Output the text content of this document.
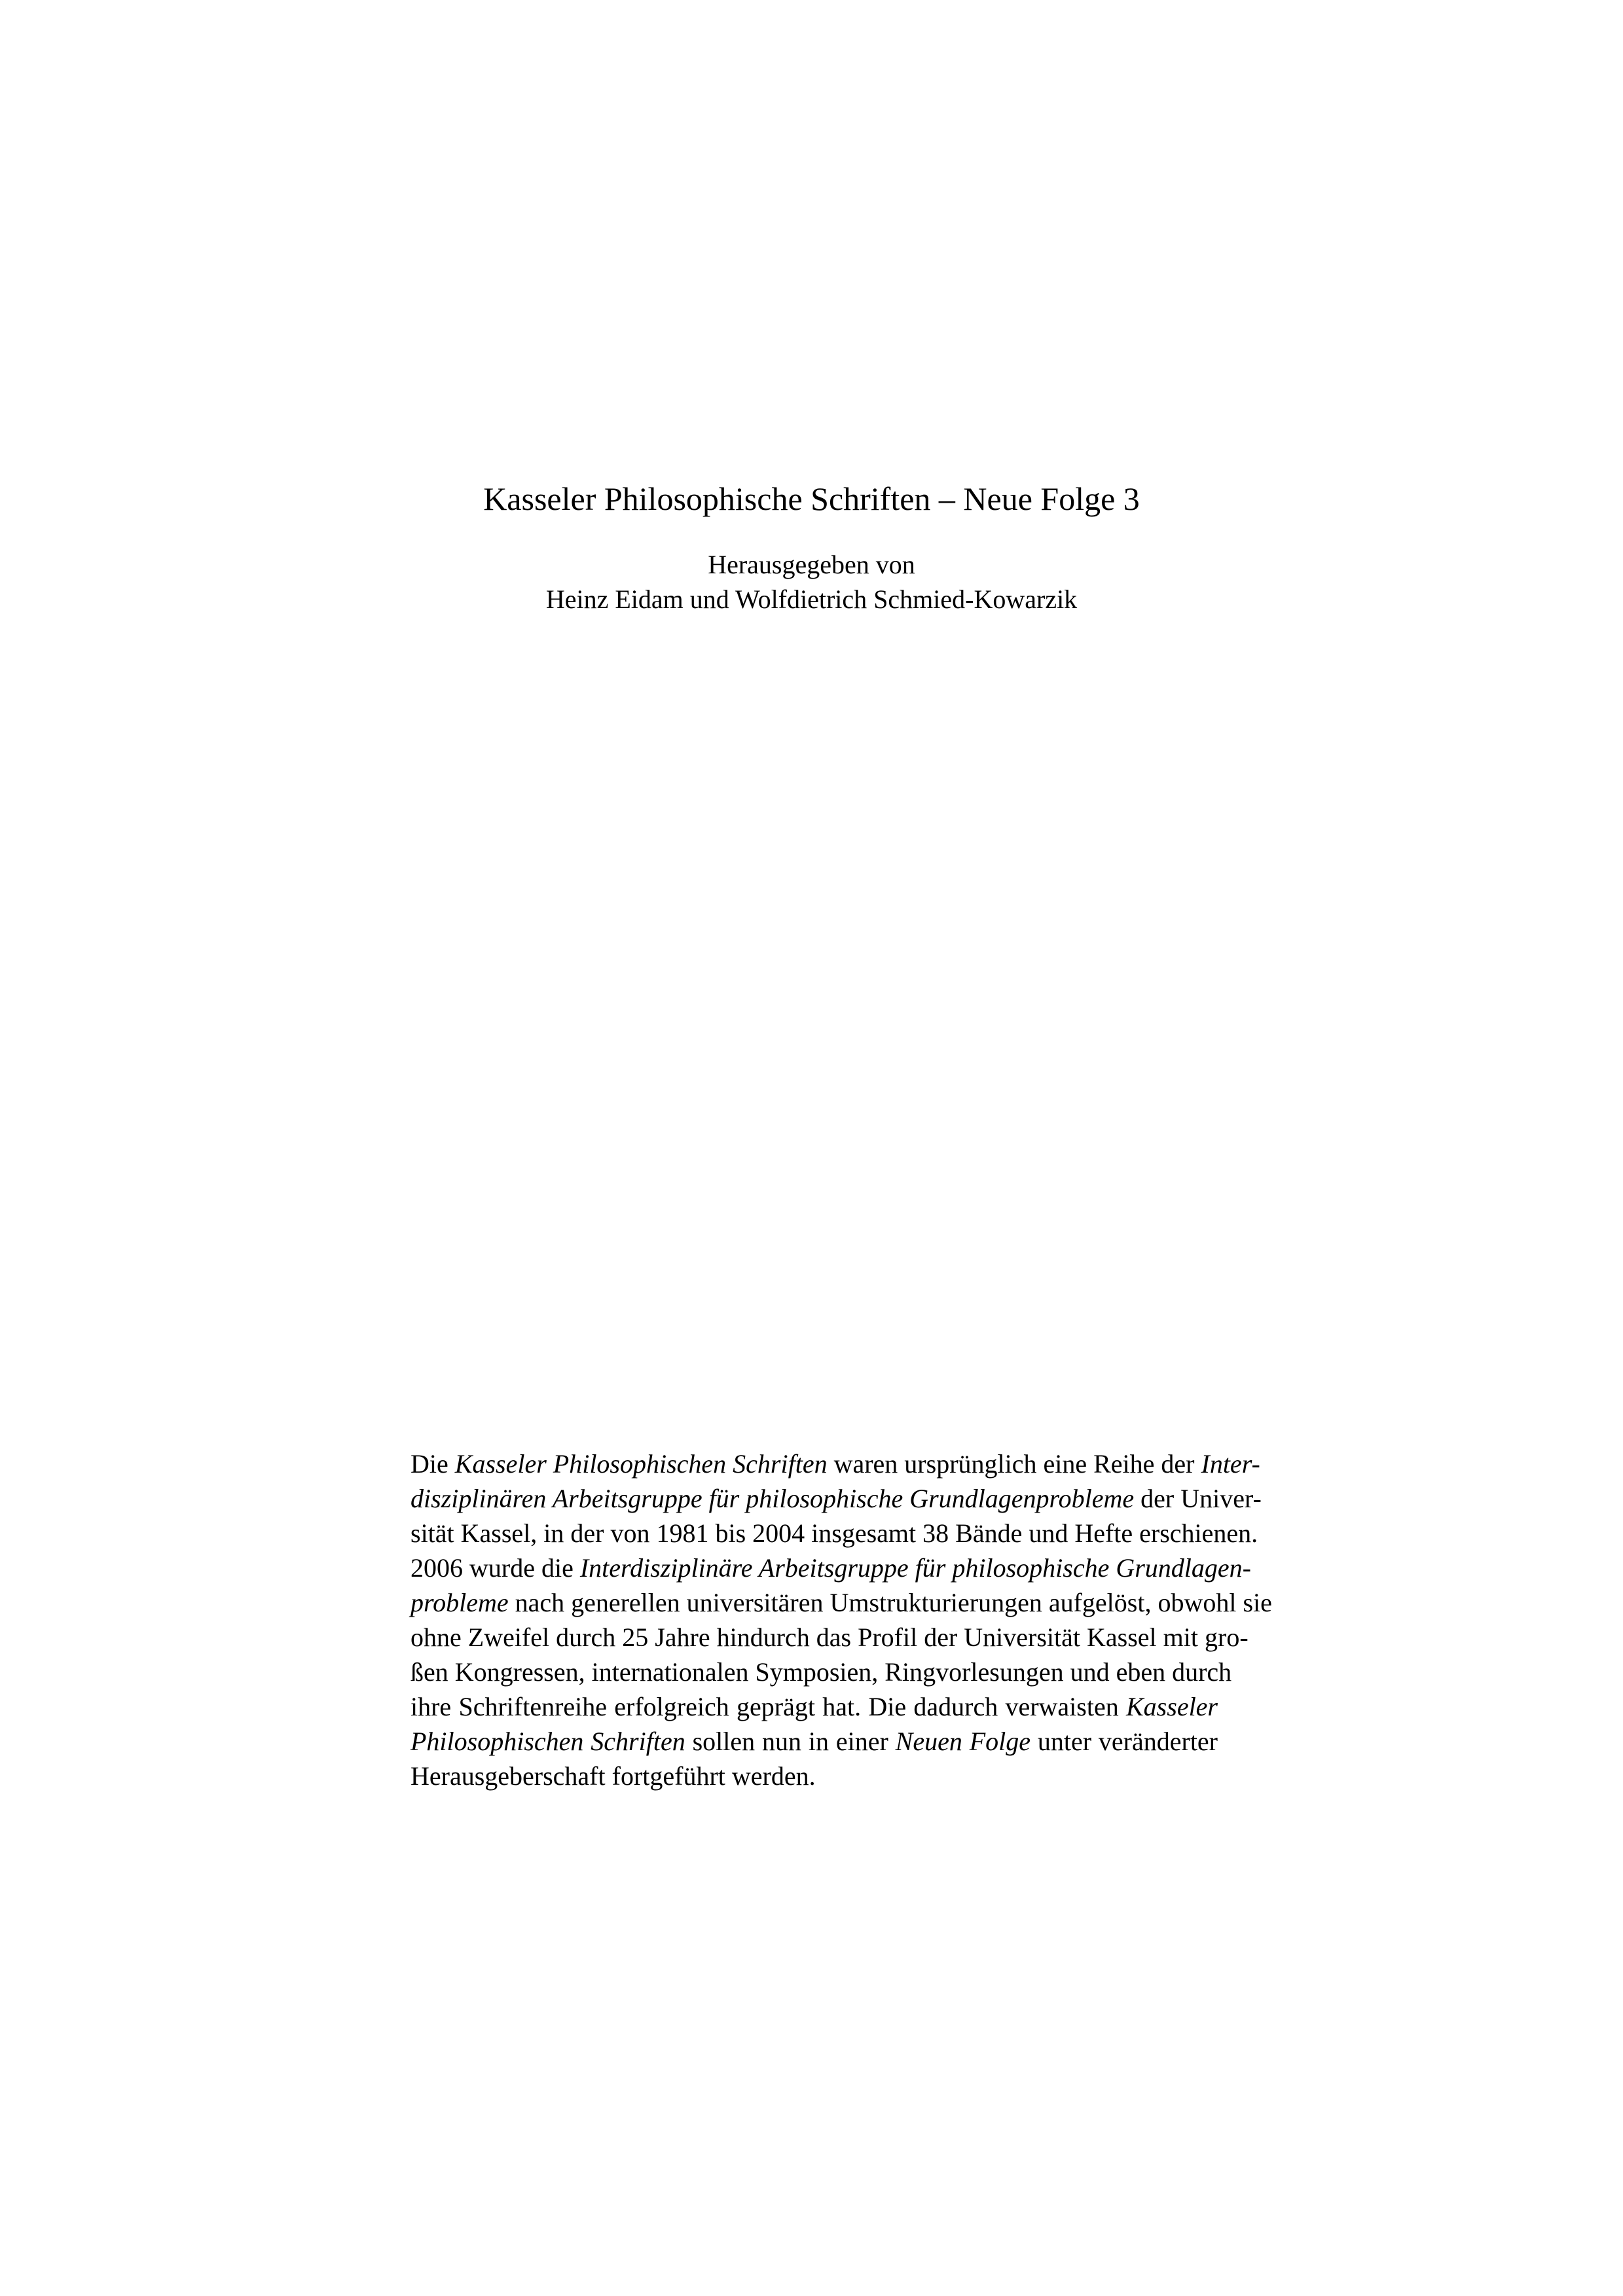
Kasseler Philosophische Schriften – Neue Folge 3

Herausgegeben von

Heinz Eidam und Wolfdietrich Schmied-Kowarzik

Die Kasseler Philosophischen Schriften waren ursprünglich eine Reihe der Inter-
disziplinären Arbeitsgruppe für philosophische Grundlagenprobleme der Univer-
sität Kassel, in der von 1981 bis 2004 insgesamt 38 Bände und Hefte erschienen.
2006 wurde die Interdisziplinäre Arbeitsgruppe für philosophische Grundlagen-
probleme nach generellen universitären Umstrukturierungen aufgelöst, obwohl sie
ohne Zweifel durch 25 Jahre hindurch das Profil der Universität Kassel mit gro-
ßen Kongressen, internationalen Symposien, Ringvorlesungen und eben durch
ihre Schriftenreihe erfolgreich geprägt hat. Die dadurch verwaisten Kasseler
Philosophischen Schriften sollen nun in einer Neuen Folge unter veränderter
Herausgeberschaft fortgeführt werden.
